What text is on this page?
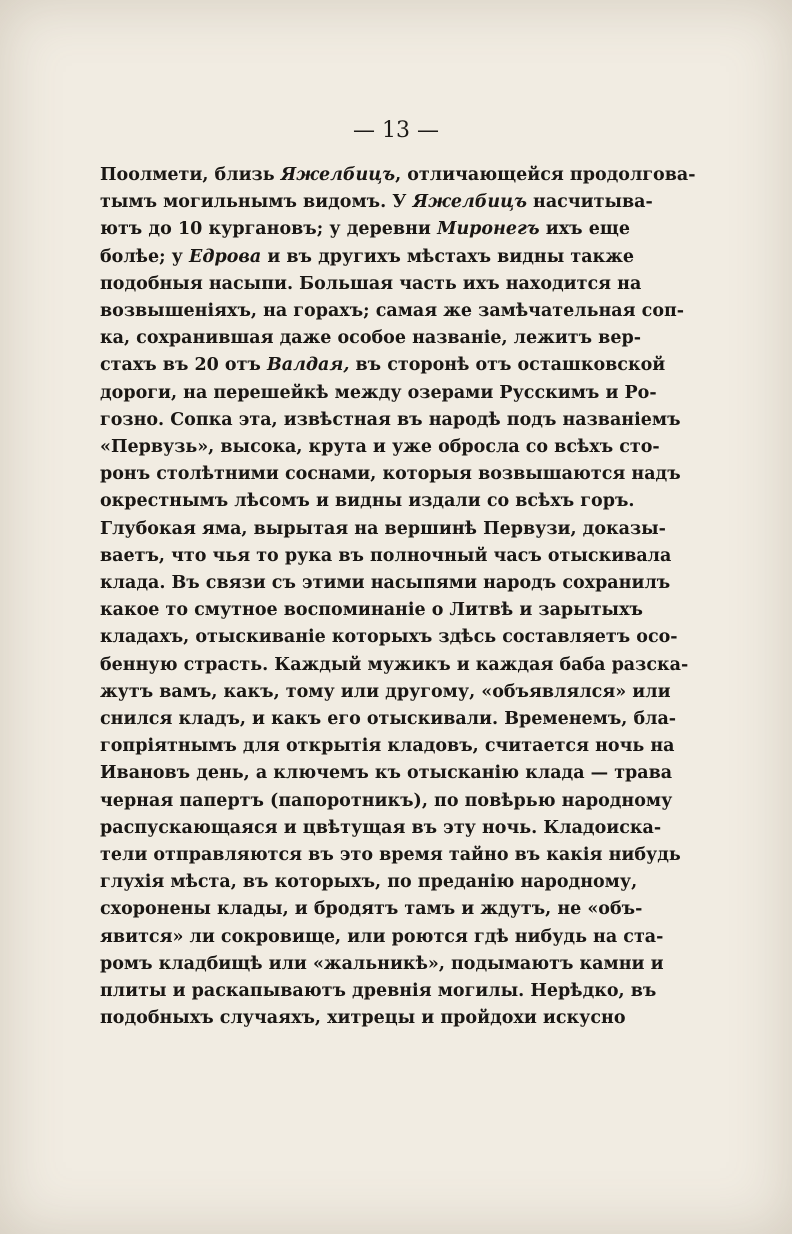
— 13 —
Поолмети, близь Яжелбицъ, отличающейся продолгова-
тымъ могильнымъ видомъ. У Яжелбицъ насчитыва-
ютъ до 10 кургановъ; у деревни Миронегъ ихъ еще
болѣе; у Едрова и въ другихъ мѣстахъ видны также
подобныя насыпи. Большая часть ихъ находится на
возвышеніяхъ, на горахъ; самая же замѣчательная соп-
ка, сохранившая даже особое названіе, лежитъ вер-
стахъ въ 20 отъ Валдая, въ сторонѣ отъ осташковской
дороги, на перешейкѣ между озерами Русскимъ и Ро-
гозно. Сопка эта, извѣстная въ народѣ подъ названіемъ
«Первузь», высока, крута и уже обросла со всѣхъ сто-
ронъ столѣтними соснами, которыя возвышаются надъ
окрестнымъ лѣсомъ и видны издали со всѣхъ горъ.
Глубокая яма, вырытая на вершинѣ Первузи, доказы-
ваетъ, что чья то рука въ полночный часъ отыскивала
клада. Въ связи съ этими насыпями народъ сохранилъ
какое то смутное воспоминаніе о Литвѣ и зарытыхъ
кладахъ, отыскиваніе которыхъ здѣсь составляетъ осо-
бенную страсть. Каждый мужикъ и каждая баба разска-
жутъ вамъ, какъ, тому или другому, «объявлялся» или
снился кладъ, и какъ его отыскивали. Временемъ, бла-
гопріятнымъ для открытія кладовъ, считается ночь на
Ивановъ день, а ключемъ къ отысканію клада — трава
черная папертъ (папоротникъ), по повѣрью народному
распускающаяся и цвѣтущая въ эту ночь. Кладоиска-
тели отправляются въ это время тайно въ какія нибудь
глухія мѣста, въ которыхъ, по преданію народному,
схоронены клады, и бродятъ тамъ и ждутъ, не «объ-
явится» ли сокровище, или роются гдѣ нибудь на ста-
ромъ кладбищѣ или «жальникѣ», подымаютъ камни и
плиты и раскапываютъ древнія могилы. Нерѣдко, въ
подобныхъ случаяхъ, хитрецы и пройдохи искусно
